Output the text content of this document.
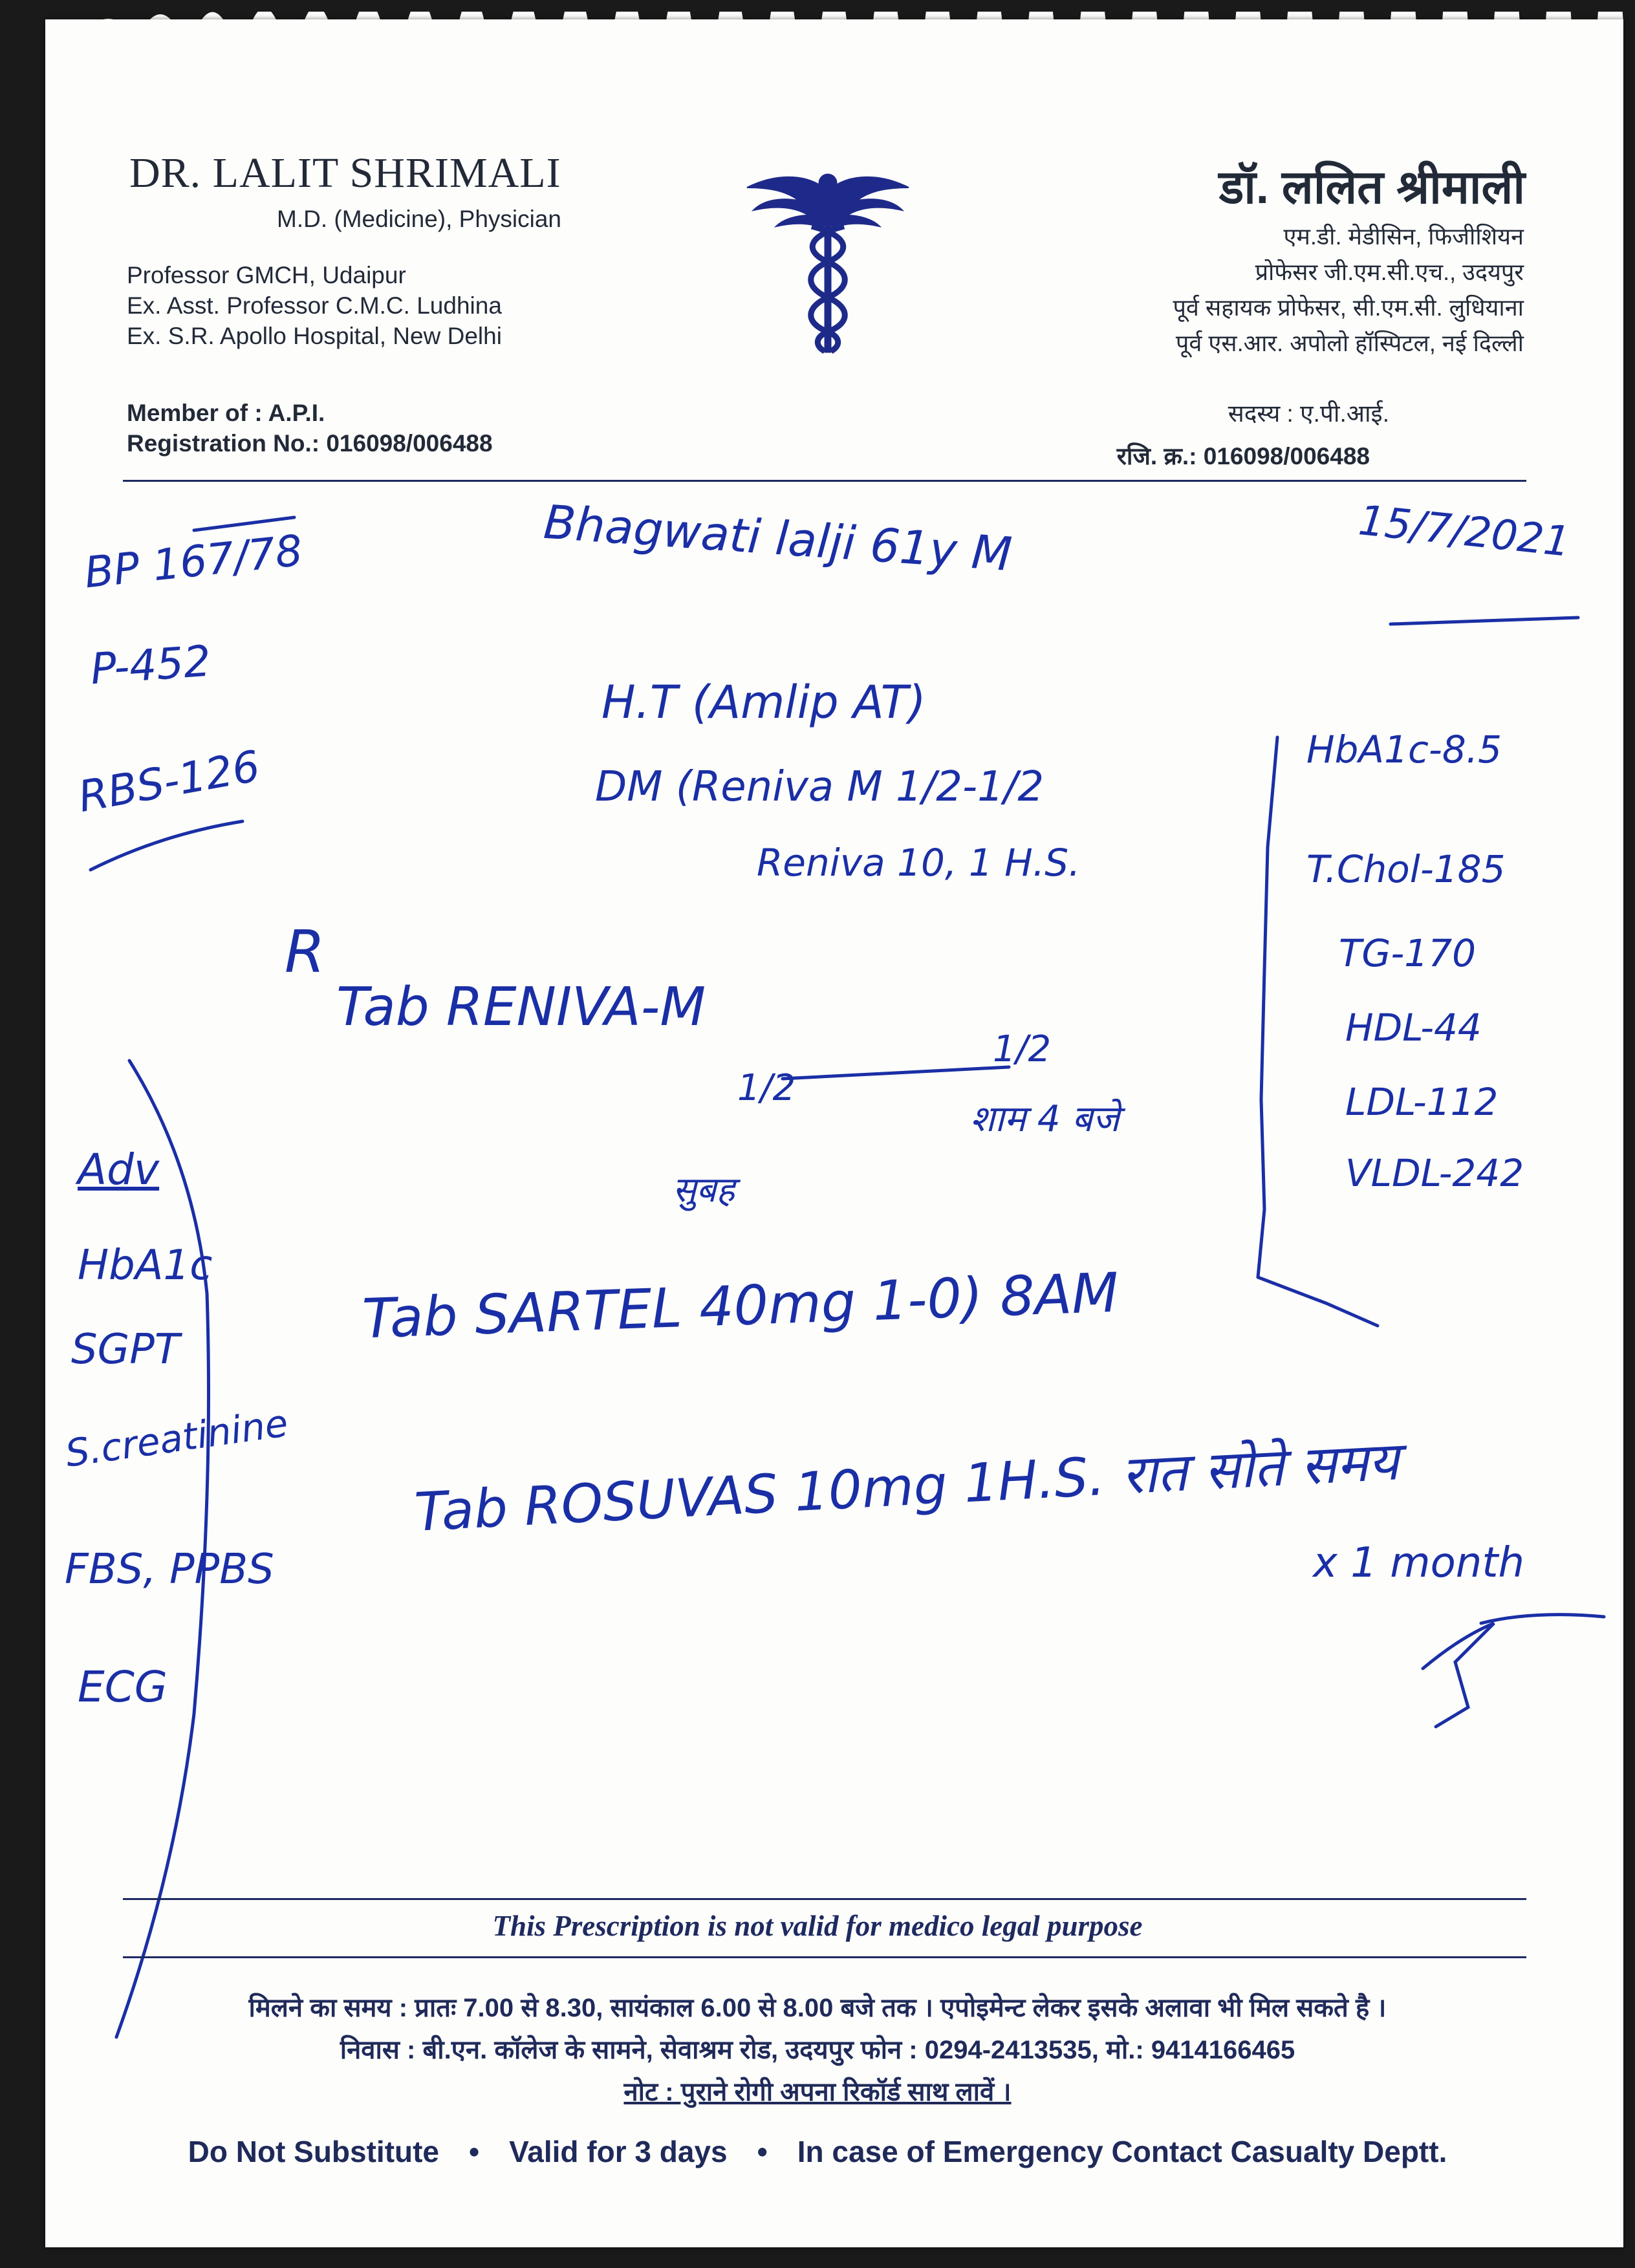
DR. LALIT SHRIMALI
M.D. (Medicine), Physician
Professor GMCH, Udaipur
Ex. Asst. Professor C.M.C. Ludhina
Ex. S.R. Apollo Hospital, New Delhi
Member of : A.P.I.
Registration No.: 016098/006488
डॉ. ललित श्रीमाली
एम.डी. मेडीसिन, फिजीशियन
प्रोफेसर जी.एम.सी.एच., उदयपुर
पूर्व सहायक प्रोफेसर, सी.एम.सी. लुधियाना
पूर्व एस.आर. अपोलो हॉस्पिटल, नई दिल्ली
सदस्य : ए.पी.आई.
रजि. क्र.: 016098/006488
Bhagwati lalji 61y M	15/7/2021
BP 167/78
P-452
RBS-126
H.T (Amlip AT)
DM (Reniva M 1/2-1/2
Reniva 10, 1 H.S.
R
Tab RENIVA-M
1/2
सुबह
1/2
शाम 4 बजे
Tab SARTEL 40mg 1-0) 8AM
Tab ROSUVAS 10mg 1H.S. रात सोते समय
x 1 month
HbA1c-8.5
T.Chol-185
TG-170
HDL-44
LDL-112
VLDL-242
Adv
HbA1c
SGPT
S.creatinine
FBS, PPBS
ECG
This Prescription is not valid for medico legal purpose
मिलने का समय : प्रातः 7.00 से 8.30, सायंकाल 6.00 से 8.00 बजे तक । एपोइमेन्ट लेकर इसके अलावा भी मिल सकते है ।
निवास : बी.एन. कॉलेज के सामने, सेवाश्रम रोड, उदयपुर फोन : 0294-2413535, मो.: 9414166465
नोट : पुराने रोगी अपना रिकॉर्ड साथ लावें ।
Do Not Substitute • Valid for 3 days • In case of Emergency Contact Casualty Deptt.
